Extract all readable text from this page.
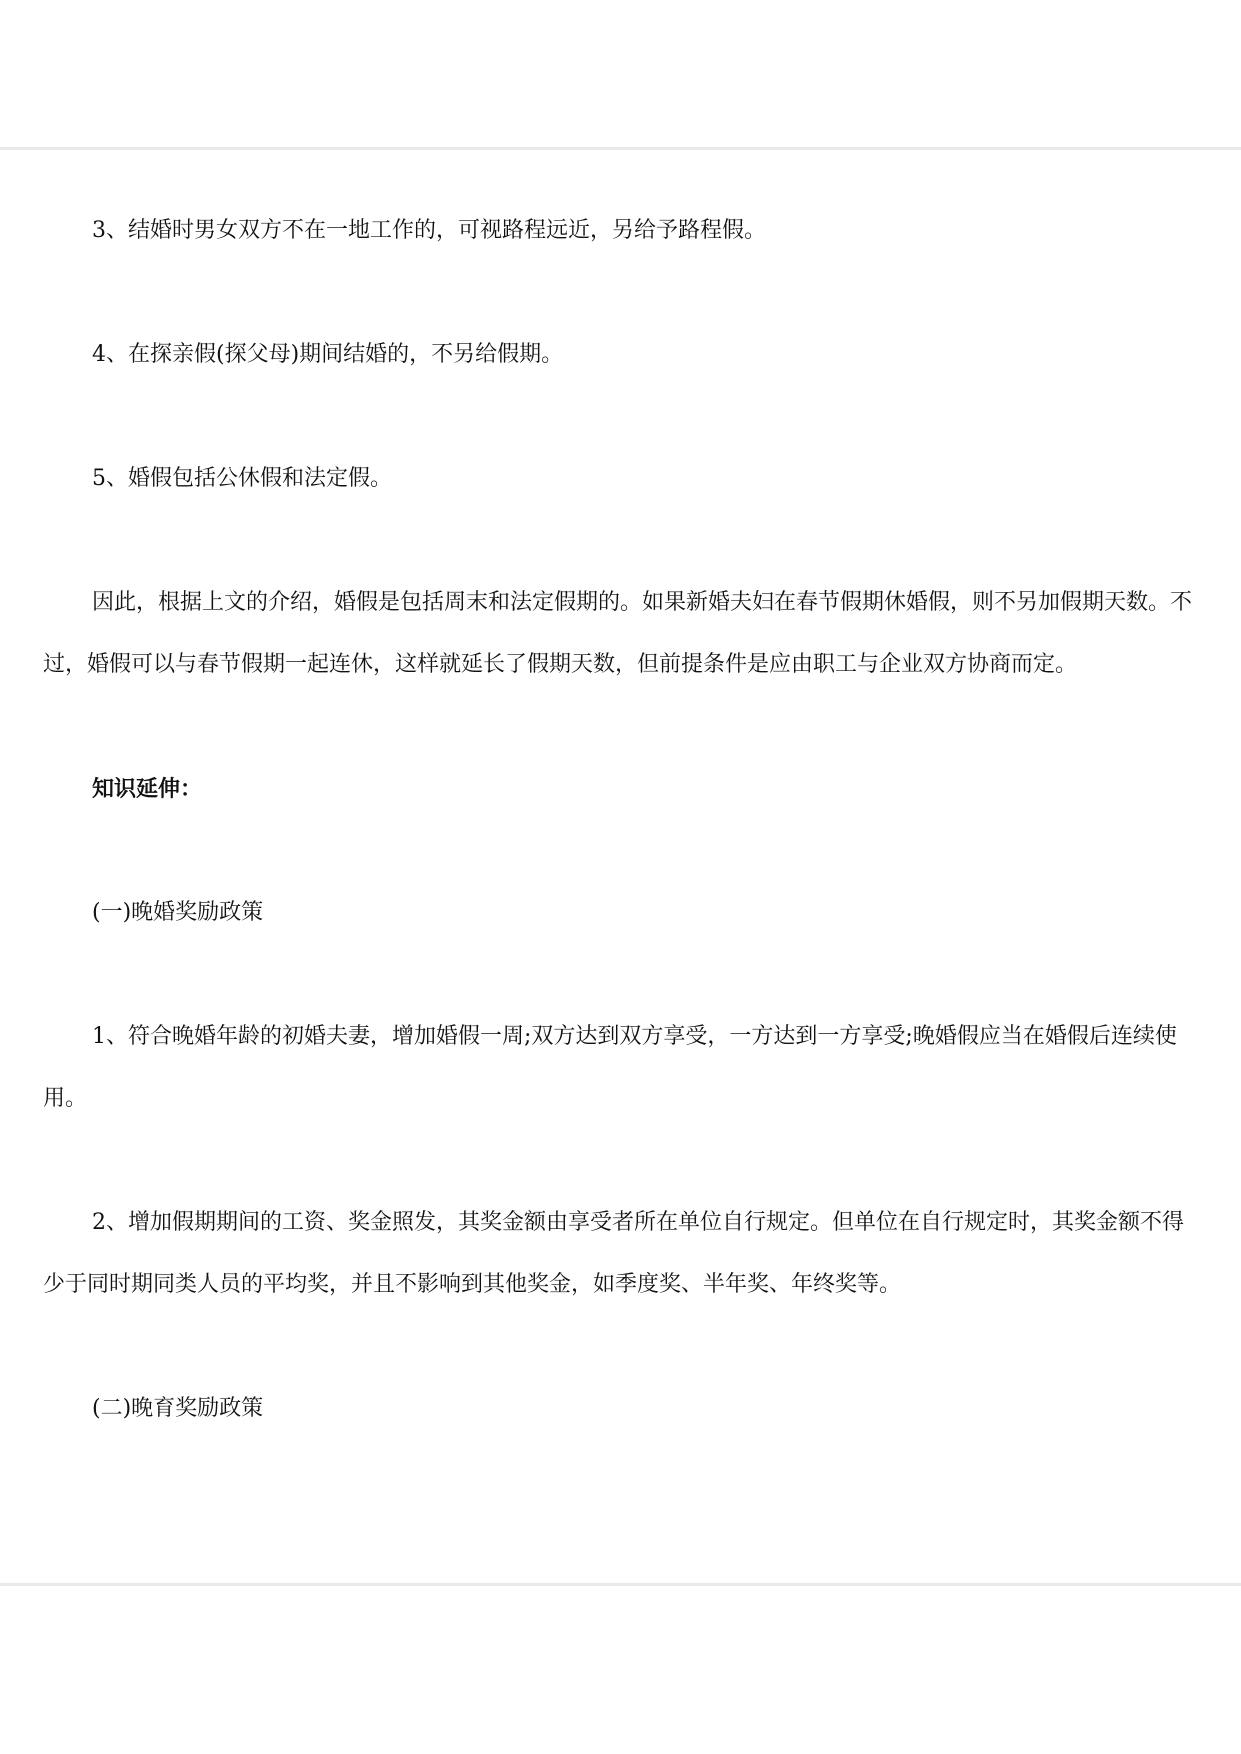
3、结婚时男女双方不在一地工作的，可视路程远近，另给予路程假。

4、在探亲假(探父母)期间结婚的，不另给假期。

5、婚假包括公休假和法定假。

因此，根据上文的介绍，婚假是包括周末和法定假期的。如果新婚夫妇在春节假期休婚假，则不另加假期天数。不过，婚假可以与春节假期一起连休，这样就延长了假期天数，但前提条件是应由职工与企业双方协商而定。

知识延伸：

(一)晚婚奖励政策

1、符合晚婚年龄的初婚夫妻，增加婚假一周;双方达到双方享受，一方达到一方享受;晚婚假应当在婚假后连续使用。

2、增加假期期间的工资、奖金照发，其奖金额由享受者所在单位自行规定。但单位在自行规定时，其奖金额不得少于同时期同类人员的平均奖，并且不影响到其他奖金，如季度奖、半年奖、年终奖等。

(二)晚育奖励政策
